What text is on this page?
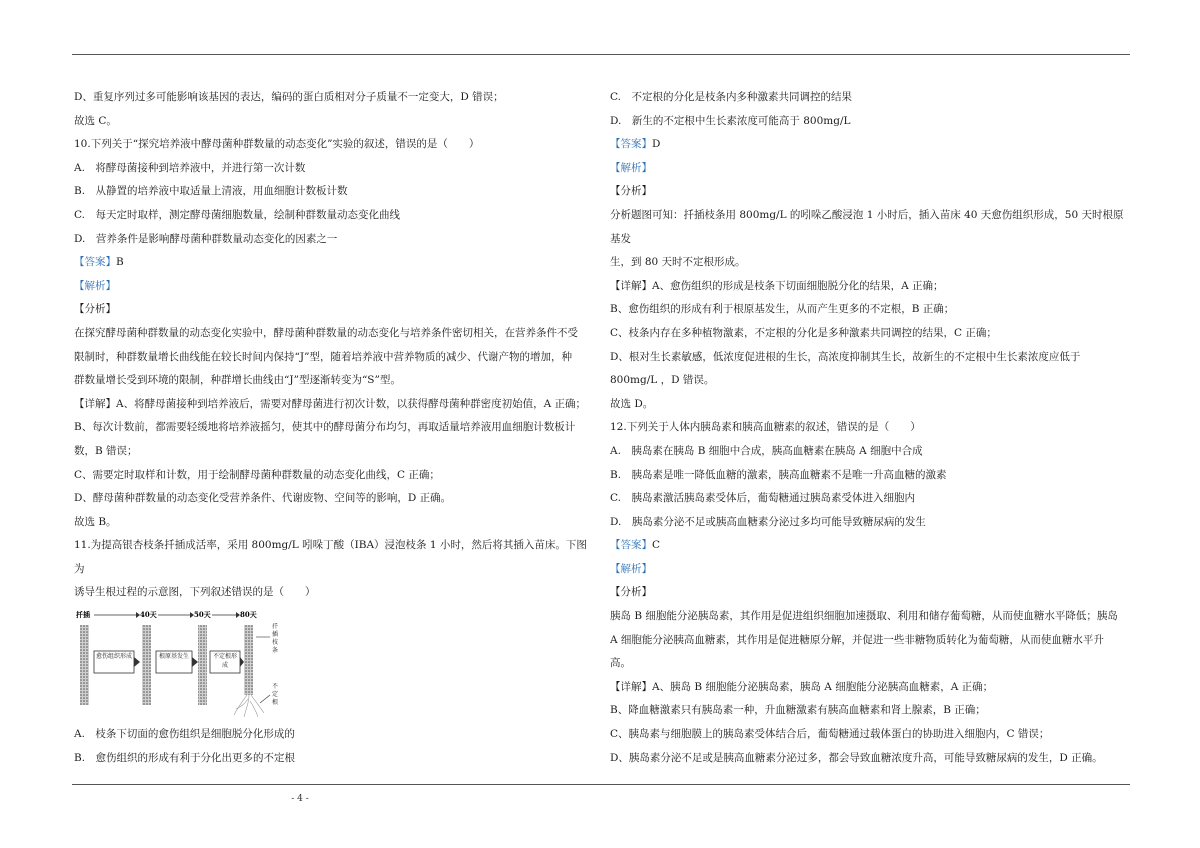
D、重复序列过多可能影响该基因的表达，编码的蛋白质相对分子质量不一定变大，D 错误；

故选 C。

10.下列关于“探究培养液中酵母菌种群数量的动态变化”实验的叙述，错误的是（　　）

A.　将酵母菌接种到培养液中，并进行第一次计数

B.　从静置的培养液中取适量上清液，用血细胞计数板计数

C.　每天定时取样，测定酵母菌细胞数量，绘制种群数量动态变化曲线

D.　营养条件是影响酵母菌种群数量动态变化的因素之一

【答案】B

【解析】

【分析】

在探究酵母菌种群数量的动态变化实验中，酵母菌种群数量的动态变化与培养条件密切相关，在营养条件不受

限制时，种群数量增长曲线能在较长时间内保持“J”型，随着培养液中营养物质的减少、代谢产物的增加，种

群数量增长受到环境的限制，种群增长曲线由“J”型逐渐转变为“S”型。

【详解】A、将酵母菌接种到培养液后，需要对酵母菌进行初次计数，以获得酵母菌种群密度初始值，A 正确；

B、每次计数前，都需要轻缓地将培养液摇匀，使其中的酵母菌分布均匀，再取适量培养液用血细胞计数板计

数，B 错误；

C、需要定时取样和计数，用于绘制酵母菌种群数量的动态变化曲线，C 正确；

D、酵母菌种群数量的动态变化受营养条件、代谢废物、空间等的影响，D 正确。

故选 B。

11.为提高银杏枝条扦插成活率，采用 800mg/L 吲哚丁酸（IBA）浸泡枝条 1 小时，然后将其插入苗床。下图为

诱导生根过程的示意图，下列叙述错误的是（　　）

扦插	40天	50天	80天
愈伤组织形成	根原基发生	不定根形成
扦插枝条
不定根

A.　枝条下切面的愈伤组织是细胞脱分化形成的

B.　愈伤组织的形成有利于分化出更多的不定根

C.　不定根的分化是枝条内多种激素共同调控的结果

D.　新生的不定根中生长素浓度可能高于 800mg/L

【答案】D

【解析】

【分析】

分析题图可知：扦插枝条用 800mg/L 的吲哚乙酸浸泡 1 小时后，插入苗床 40 天愈伤组织形成，50 天时根原基发

生，到 80 天时不定根形成。

【详解】A、愈伤组织的形成是枝条下切面细胞脱分化的结果，A 正确；

B、愈伤组织的形成有利于根原基发生，从而产生更多的不定根，B 正确；

C、枝条内存在多种植物激素，不定根的分化是多种激素共同调控的结果，C 正确；

D、根对生长素敏感，低浓度促进根的生长，高浓度抑制其生长，故新生的不定根中生长素浓度应低于

800mg/L ，D 错误。

故选 D。

12.下列关于人体内胰岛素和胰高血糖素的叙述，错误的是（　　）

A.　胰岛素在胰岛 B 细胞中合成，胰高血糖素在胰岛 A 细胞中合成

B.　胰岛素是唯一降低血糖的激素，胰高血糖素不是唯一升高血糖的激素

C.　胰岛素激活胰岛素受体后，葡萄糖通过胰岛素受体进入细胞内

D.　胰岛素分泌不足或胰高血糖素分泌过多均可能导致糖尿病的发生

【答案】C

【解析】

【分析】

胰岛 B 细胞能分泌胰岛素，其作用是促进组织细胞加速摄取、利用和储存葡萄糖，从而使血糖水平降低；胰岛

A 细胞能分泌胰高血糖素，其作用是促进糖原分解，并促进一些非糖物质转化为葡萄糖，从而使血糖水平升

高。

【详解】A、胰岛 B 细胞能分泌胰岛素，胰岛 A 细胞能分泌胰高血糖素，A 正确；

B、降血糖激素只有胰岛素一种，升血糖激素有胰高血糖素和肾上腺素，B 正确；

C、胰岛素与细胞膜上的胰岛素受体结合后，葡萄糖通过载体蛋白的协助进入细胞内，C 错误；

D、胰岛素分泌不足或是胰高血糖素分泌过多，都会导致血糖浓度升高，可能导致糖尿病的发生，D 正确。

- 4 -
